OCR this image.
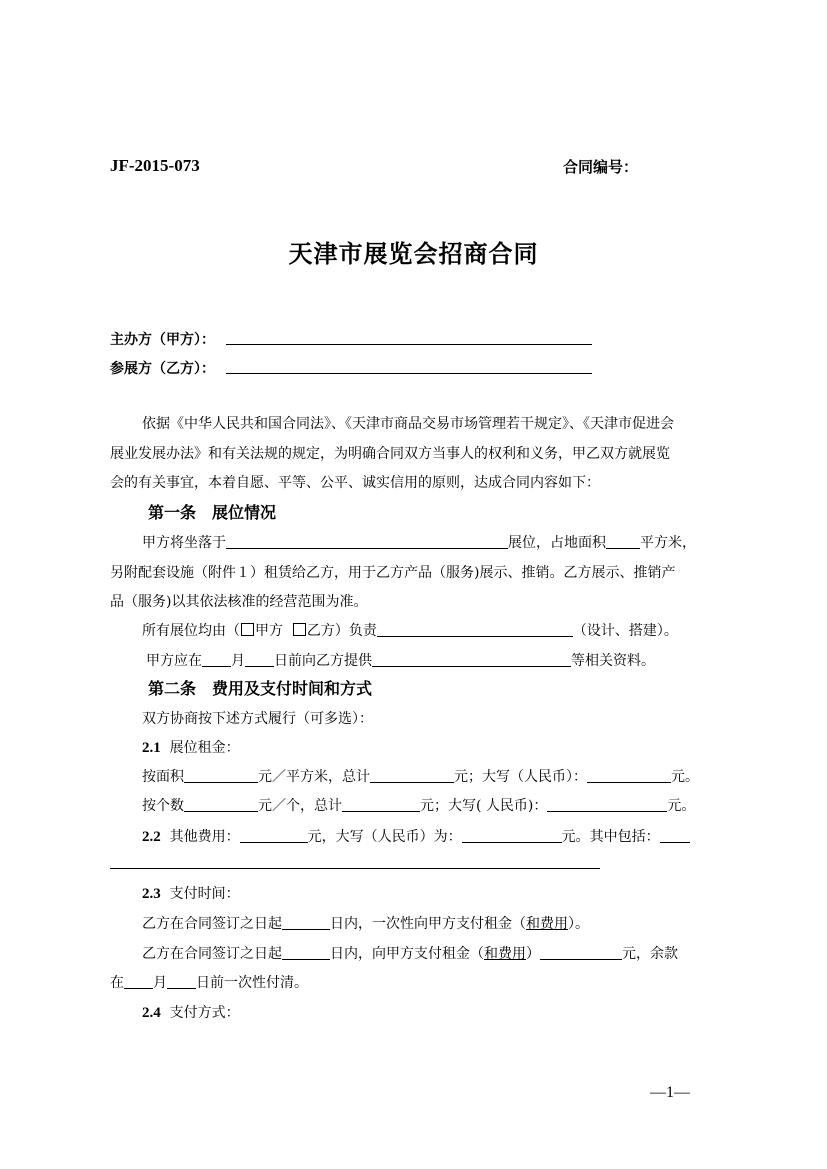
JF-2015-073	合同编号：
天津市展览会招商合同
主办方（甲方）：
参展方（乙方）：
依据《中华人民共和国合同法》、《天津市商品交易市场管理若干规定》、《天津市促进会
展业发展办法》和有关法规的规定，为明确合同双方当事人的权利和义务，甲乙双方就展览
会的有关事宜，本着自愿、平等、公平、诚实信用的原则，达成合同内容如下：
第一条　展位情况
甲方将坐落于	展位，占地面积 平方米，
另附配套设施（附件１）租赁给乙方，用于乙方产品（服务)展示、推销。乙方展示、推销产
品（服务)以其依法核准的经营范围为准。
所有展位均由（ 甲方 乙方）负责	（设计、搭建）。
甲方应在 月 日前向乙方提供	等相关资料。
第二条　费用及支付时间和方式
双方协商按下述方式履行（可多选）：
2.1 展位租金：
按面积	元／平方米，总计	元；大写（人民币）：	元。
按个数	元／个，总计	元；大写( 人民币)：	元。
2.2 其他费用：	元，大写（人民币）为：	元。其中包括：
2.3 支付时间：
乙方在合同签订之日起	日内，一次性向甲方支付租金（和费用）。
乙方在合同签订之日起	日内，向甲方支付租金（和费用）	元，余款
在 月 日前一次性付清。
2.4 支付方式：
—1—
